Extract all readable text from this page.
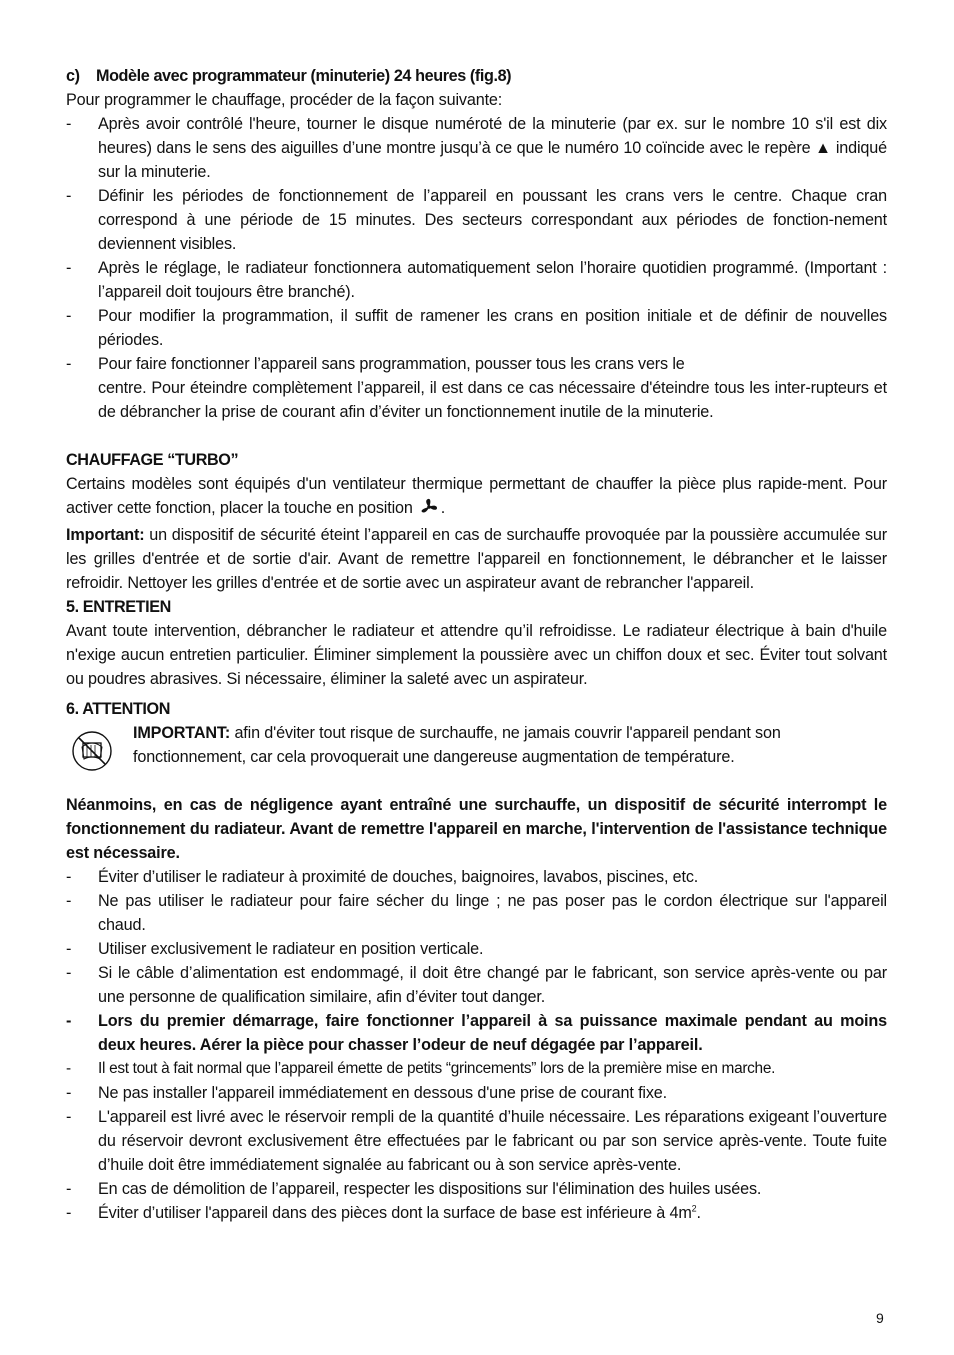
c)    Modèle avec programmateur (minuterie) 24 heures (fig.8)

Pour programmer le chauffage, procéder de la façon suivante:

- Après avoir contrôlé l'heure, tourner le disque numéroté de la minuterie (par ex. sur le nombre 10 s'il est dix heures) dans le sens des aiguilles d’une montre jusqu’à ce que le numéro 10 coïncide avec le repère ▲ indiqué sur la minuterie.
- Définir les périodes de fonctionnement de l’appareil en poussant les crans vers le centre. Chaque cran correspond à une période de 15 minutes. Des secteurs correspondant aux périodes de fonction-nement deviennent visibles.
- Après le réglage, le radiateur fonctionnera automatiquement selon l’horaire quotidien programmé. (Important : l’appareil doit toujours être branché).
- Pour modifier la programmation, il suffit de ramener les crans en position initiale et de définir de nouvelles périodes.
- Pour faire fonctionner l’appareil sans programmation, pousser tous les crans vers le
centre. Pour éteindre complètement l’appareil, il est dans ce cas nécessaire d'éteindre tous les inter-rupteurs et de débrancher la prise de courant afin d’éviter un fonctionnement inutile de la minuterie.
CHAUFFAGE “TURBO”

Certains modèles sont équipés d'un ventilateur thermique permettant de chauffer la pièce plus rapide-ment. Pour activer cette fonction, placer la touche en position .

Important: un dispositif de sécurité éteint l’appareil en cas de surchauffe provoquée par la poussière accumulée sur les grilles d'entrée et de sortie d'air. Avant de remettre l'appareil en fonctionnement, le débrancher et le laisser refroidir. Nettoyer les grilles d'entrée et de sortie avec un aspirateur avant de rebrancher l'appareil.

5. ENTRETIEN

Avant toute intervention, débrancher le radiateur et attendre qu’il refroidisse. Le radiateur électrique à bain d'huile n'exige aucun entretien particulier. Éliminer simplement la poussière avec un chiffon doux et sec. Éviter tout solvant ou poudres abrasives. Si nécessaire, éliminer la saleté avec un aspirateur.

6. ATTENTION

IMPORTANT: afin d'éviter tout risque de surchauffe, ne jamais couvrir l'appareil pendant son fonctionnement, car cela provoquerait une dangereuse augmentation de température.

Néanmoins, en cas de négligence ayant entraîné une surchauffe, un dispositif de sécurité interrompt le fonctionnement du radiateur. Avant de remettre l'appareil en marche, l'intervention de l'assistance technique est nécessaire.

- Éviter d’utiliser le radiateur à proximité de douches, baignoires, lavabos, piscines, etc.
- Ne pas utiliser le radiateur pour faire sécher du linge ; ne pas poser pas le cordon électrique sur l'appareil chaud.
- Utiliser exclusivement le radiateur en position verticale.
- Si le câble d’alimentation est endommagé, il doit être changé par le fabricant, son service après-vente ou par une personne de qualification similaire, afin d’éviter tout danger.
- Lors du premier démarrage, faire fonctionner l’appareil à sa puissance maximale pendant au moins deux heures. Aérer la pièce pour chasser l’odeur de neuf dégagée par l’appareil.
- Il est tout à fait normal que l’appareil émette de petits “grincements” lors de la première mise en marche.
- Ne pas installer l'appareil immédiatement en dessous d'une prise de courant fixe.
- L'appareil est livré avec le réservoir rempli de la quantité d’huile nécessaire. Les réparations exigeant l’ouverture du réservoir devront exclusivement être effectuées par le fabricant ou par son service après-vente. Toute fuite d’huile doit être immédiatement signalée au fabricant ou à son service après-vente.
- En cas de démolition de l’appareil, respecter les dispositions sur l'élimination des huiles usées.
- Éviter d’utiliser l'appareil dans des pièces dont la surface de base est inférieure à $4m^2$.
9
